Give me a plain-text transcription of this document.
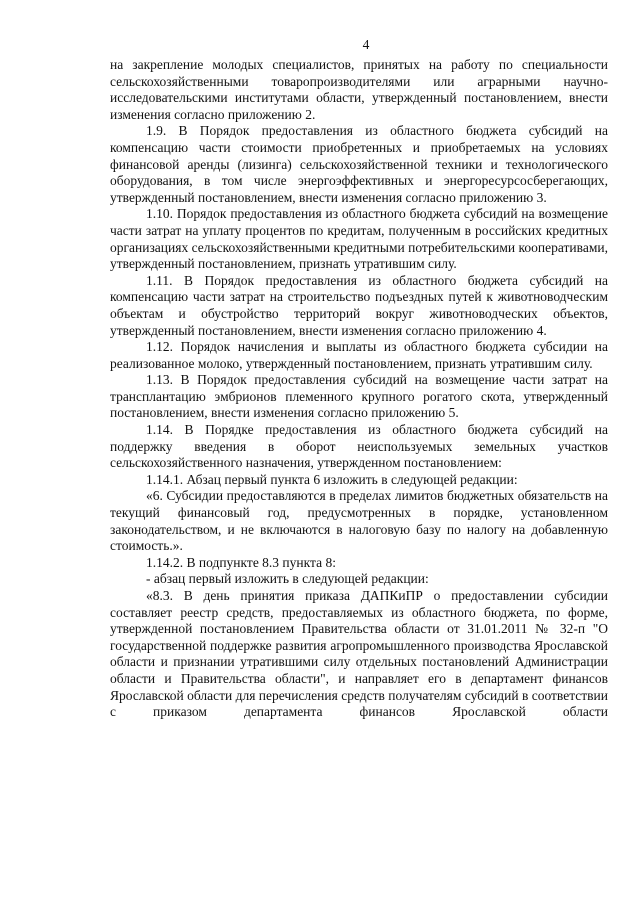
4

на закрепление молодых специалистов, принятых на работу по специальности сельскохозяйственными товаропроизводителями или аграрными научно-исследовательскими институтами области, утвержденный постановлением, внести изменения согласно приложению 2.

1.9. В Порядок предоставления из областного бюджета субсидий на компенсацию части стоимости приобретенных и приобретаемых на условиях финансовой аренды (лизинга) сельскохозяйственной техники и технологического оборудования, в том числе энергоэффективных и энергоресурсосберегающих, утвержденный постановлением, внести изменения согласно приложению 3.

1.10. Порядок предоставления из областного бюджета субсидий на возмещение части затрат на уплату процентов по кредитам, полученным в российских кредитных организациях сельскохозяйственными кредитными потребительскими кооперативами, утвержденный постановлением, признать утратившим силу.

1.11. В Порядок предоставления из областного бюджета субсидий на компенсацию части затрат на строительство подъездных путей к животноводческим объектам и обустройство территорий вокруг животноводческих объектов, утвержденный постановлением, внести изменения согласно приложению 4.

1.12. Порядок начисления и выплаты из областного бюджета субсидии на реализованное молоко, утвержденный постановлением, признать утратившим силу.

1.13. В Порядок предоставления субсидий на возмещение части затрат на трансплантацию эмбрионов племенного крупного рогатого скота, утвержденный постановлением, внести изменения согласно приложению 5.

1.14. В Порядке предоставления из областного бюджета субсидий на поддержку введения в оборот неиспользуемых земельных участков сельскохозяйственного назначения, утвержденном постановлением:

1.14.1. Абзац первый пункта 6 изложить в следующей редакции:

«6. Субсидии предоставляются в пределах лимитов бюджетных обязательств на текущий финансовый год, предусмотренных в порядке, установленном законодательством, и не включаются в налоговую базу по налогу на добавленную стоимость.».

1.14.2. В подпункте 8.3 пункта 8:

- абзац первый изложить в следующей редакции:

«8.3. В день принятия приказа ДАПКиПР о предоставлении субсидии составляет реестр средств, предоставляемых из областного бюджета, по форме, утвержденной постановлением Правительства области от 31.01.2011 № 32-п "О государственной поддержке развития агропромышленного производства Ярославской области и признании утратившими силу отдельных постановлений Администрации области и Правительства области", и направляет его в департамент финансов Ярославской области для перечисления средств получателям субсидий в соответствии с приказом департамента финансов Ярославской области
